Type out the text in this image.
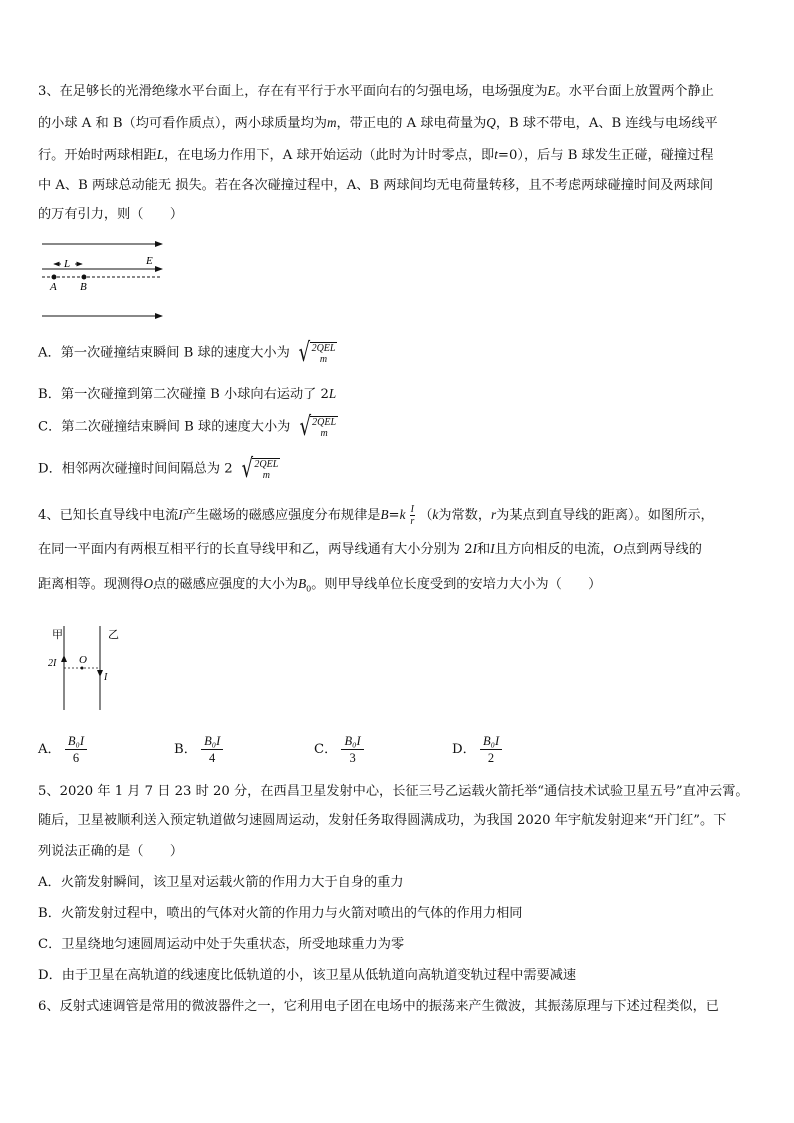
3、在足够长的光滑绝缘水平台面上，存在有平行于水平面向右的匀强电场，电场强度为E。水平台面上放置两个静止
的小球 A 和 B（均可看作质点），两小球质量均为m，带正电的 A 球电荷量为Q，B 球不带电，A、B 连线与电场线平
行。开始时两球相距L，在电场力作用下，A 球开始运动（此时为计时零点，即t=0），后与 B 球发生正碰，碰撞过程
中 A、B 两球总动能无 损失。若在各次碰撞过程中，A、B 两球间均无电荷量转移，且不考虑两球碰撞时间及两球间
的万有引力，则（　　）
L	E
A B
A．第一次碰撞结束瞬间 B 球的速度大小为 √ 2QEL
m
B．第一次碰撞到第二次碰撞 B 小球向右运动了 2L
C．第二次碰撞结束瞬间 B 球的速度大小为 √ 2QEL
m
D．相邻两次碰撞时间间隔总为 2 √ 2QEL
m
4、已知长直导线中电流I产生磁场的磁感应强度分布规律是$B=k \frac{I}{r} (k$为常数，r为某点到直导线的距离）。如图所示，
在同一平面内有两根互相平行的长直导线甲和乙，两导线通有大小分别为 2I和I且方向相反的电流，O点到两导线的
距离相等。现测得O点的磁感应强度的大小为$B_0$。则甲导线单位长度受到的安培力大小为（　　）
甲	乙
2I
I
O
A． $\frac{\text{B₀I}}{6}$	B． $\frac{\text{B₀I}}{4}$	C． $\frac{\text{B₀I}}{3}$	D． $\frac{\text{B₀I}}{2}$
5、2020 年 1 月 7 日 23 时 20 分，在西昌卫星发射中心，长征三号乙运载火箭托举“通信技术试验卫星五号”直冲云霄。
随后，卫星被顺利送入预定轨道做匀速圆周运动，发射任务取得圆满成功，为我国 2020 年宇航发射迎来“开门红”。下
列说法正确的是（　　）
A．火箭发射瞬间，该卫星对运载火箭的作用力大于自身的重力
B．火箭发射过程中，喷出的气体对火箭的作用力与火箭对喷出的气体的作用力相同
C．卫星绕地匀速圆周运动中处于失重状态，所受地球重力为零
D．由于卫星在高轨道的线速度比低轨道的小，该卫星从低轨道向高轨道变轨过程中需要减速
6、反射式速调管是常用的微波器件之一，它利用电子团在电场中的振荡来产生微波，其振荡原理与下述过程类似，已
